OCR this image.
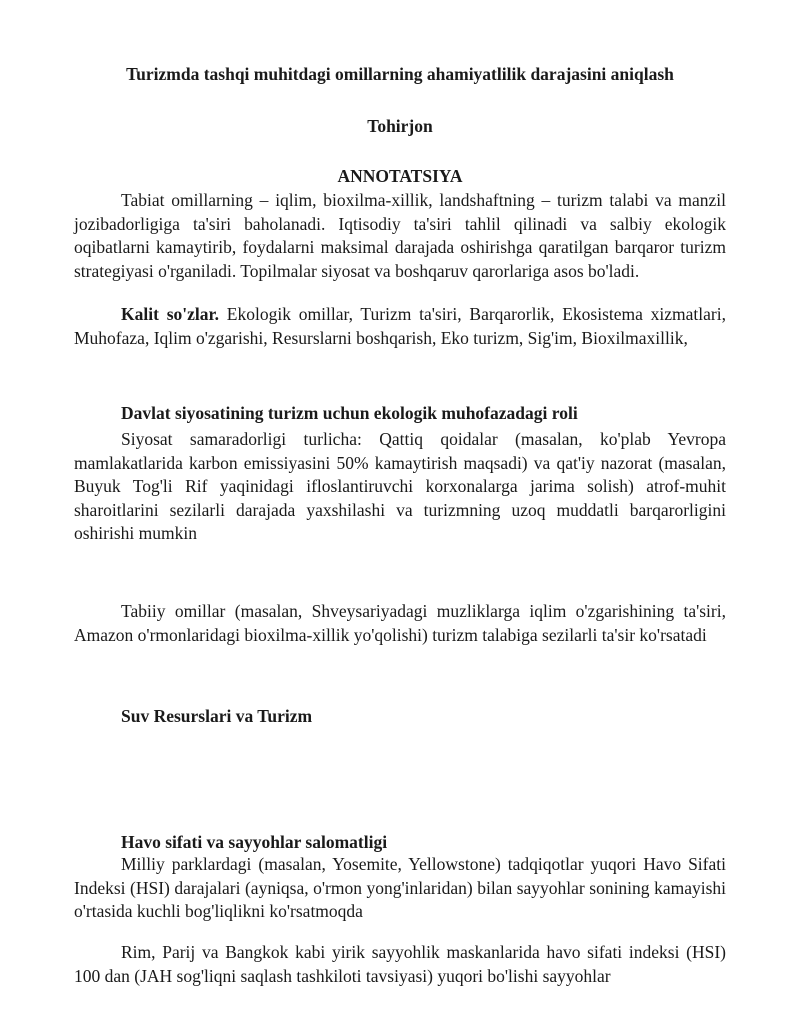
Turizmda tashqi muhitdagi omillarning ahamiyatlilik darajasini aniqlash
Tohirjon
ANNOTATSIYA
Tabiat omillarning – iqlim, bioxilma-xillik, landshaftning – turizm talabi va manzil jozibadorligiga ta'siri baholanadi. Iqtisodiy ta'siri tahlil qilinadi va salbiy ekologik oqibatlarni kamaytirib, foydalarni maksimal darajada oshirishga qaratilgan barqaror turizm strategiyasi o'rganiladi. Topilmalar siyosat va boshqaruv qarorlariga asos bo'ladi.
Kalit so'zlar. Ekologik omillar, Turizm ta'siri, Barqarorlik, Ekosistema xizmatlari, Muhofaza, Iqlim o'zgarishi, Resurslarni boshqarish, Eko turizm, Sig'im, Bioxilmaxillik,
Davlat siyosatining turizm uchun ekologik muhofazadagi roli
Siyosat samaradorligi turlicha: Qattiq qoidalar (masalan, ko'plab Yevropa mamlakatlarida karbon emissiyasini 50% kamaytirish maqsadi) va qat'iy nazorat (masalan, Buyuk Tog'li Rif yaqinidagi ifloslantiruvchi korxonalarga jarima solish) atrof-muhit sharoitlarini sezilarli darajada yaxshilashi va turizmning uzoq muddatli barqarorligini oshirishi mumkin
Tabiiy omillar (masalan, Shveysariyadagi muzliklarga iqlim o'zgarishining ta'siri, Amazon o'rmonlaridagi bioxilma-xillik yo'qolishi) turizm talabiga sezilarli ta'sir ko'rsatadi
Suv Resurslari va Turizm
Havo sifati va sayyohlar salomatligi
Milliy parklardagi (masalan, Yosemite, Yellowstone) tadqiqotlar yuqori Havo Sifati Indeksi (HSI) darajalari (ayniqsa, o'rmon yong'inlaridan) bilan sayyohlar sonining kamayishi o'rtasida kuchli bog'liqlikni ko'rsatmoqda
Rim, Parij va Bangkok kabi yirik sayyohlik maskanlarida havo sifati indeksi (HSI) 100 dan (JAH sog'liqni saqlash tashkiloti tavsiyasi) yuqori bo'lishi sayyohlar
